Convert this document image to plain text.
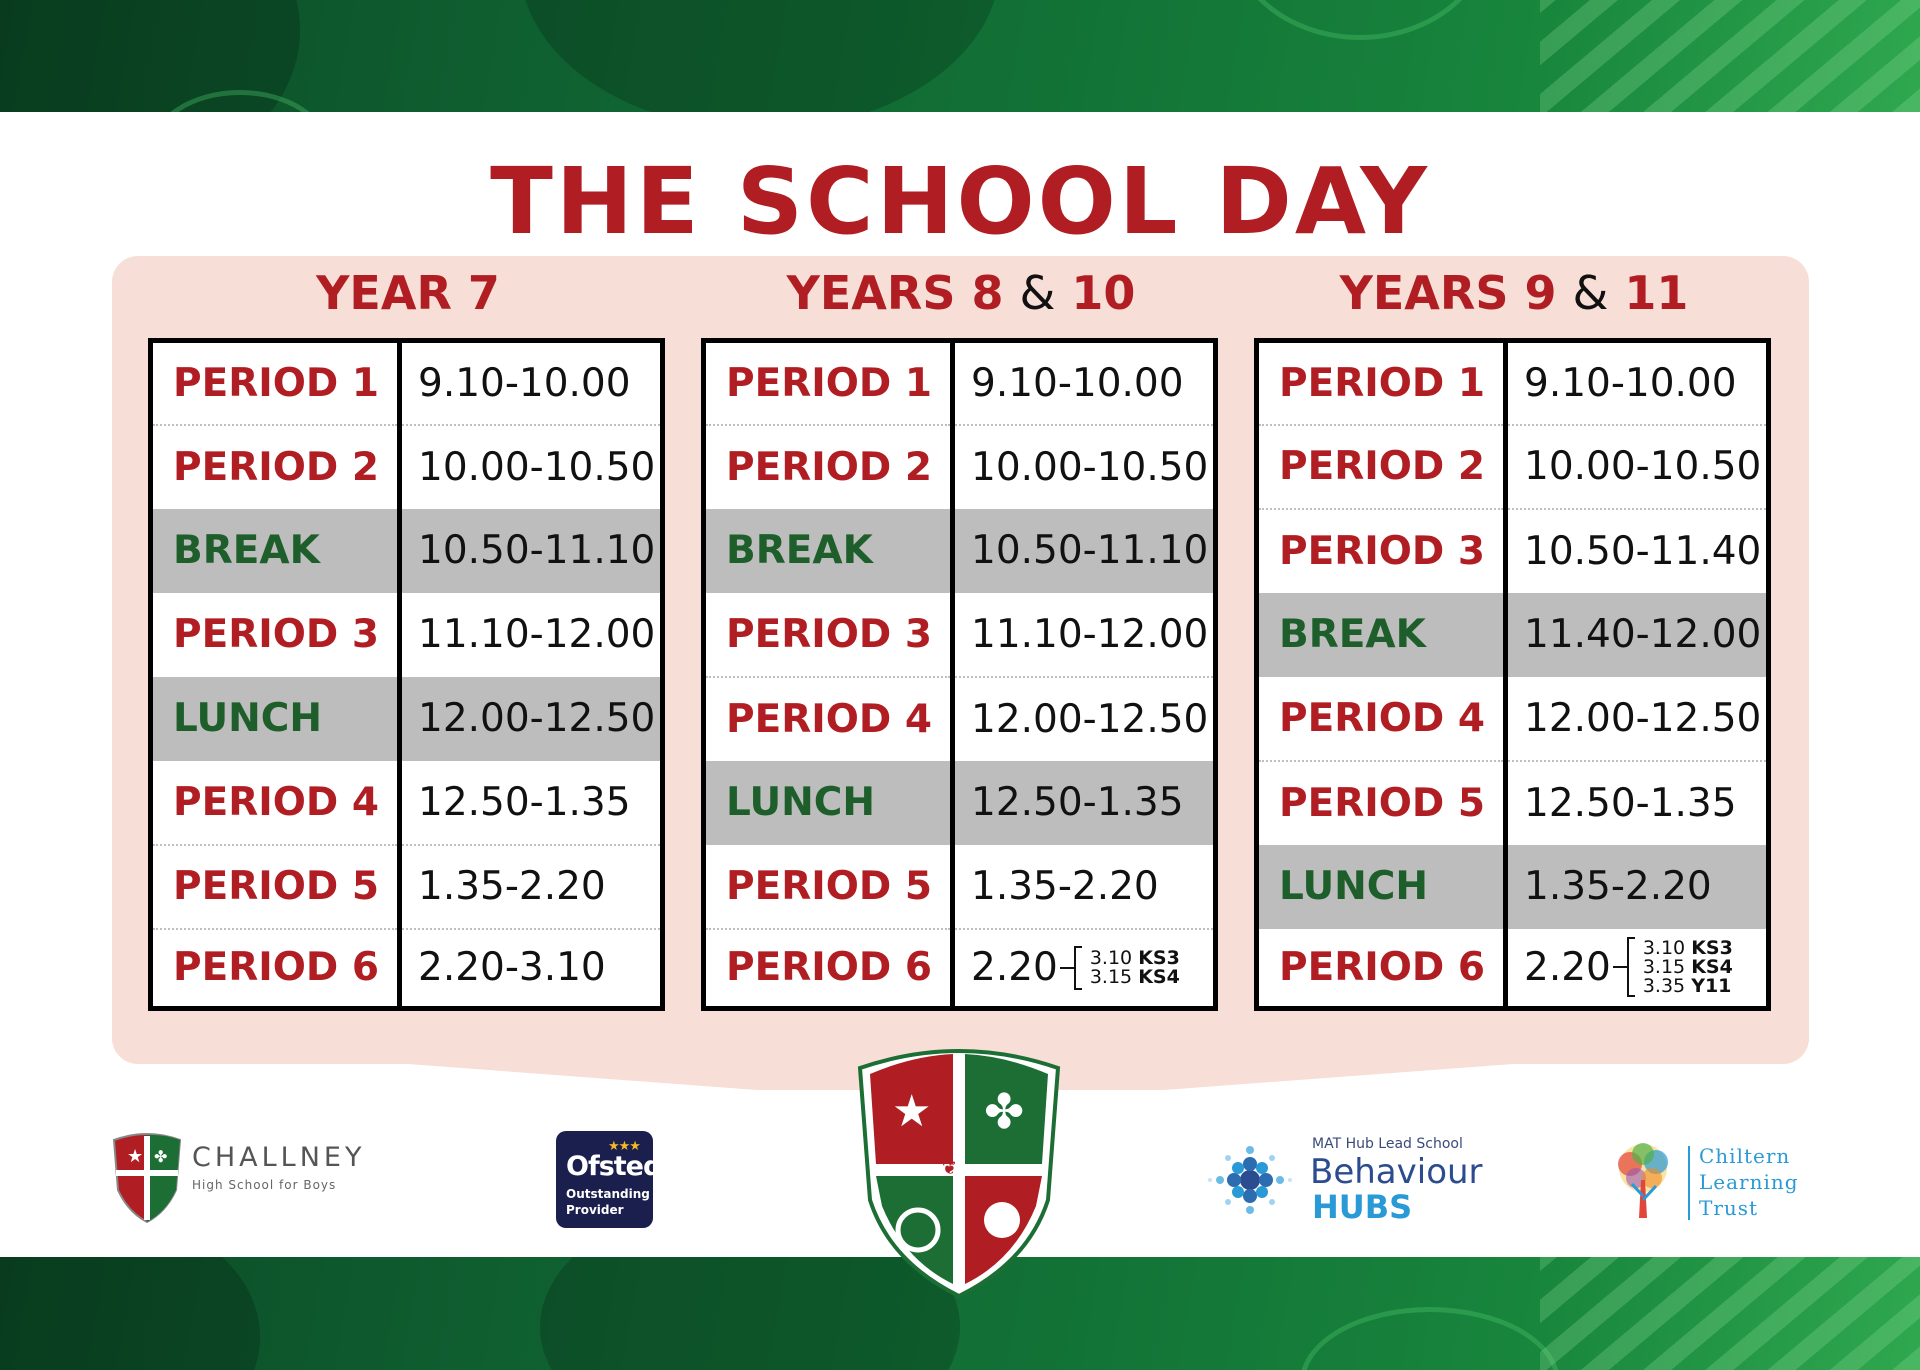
THE SCHOOL DAY
YEAR 7	YEARS 8 & 10	YEARS 9 & 11
PERIOD 1	9.10-10.00
PERIOD 2	10.00-10.50
BREAK	10.50-11.10
PERIOD 3	11.10-12.00
LUNCH	12.00-12.50
PERIOD 4	12.50-1.35
PERIOD 5	1.35-2.20
PERIOD 6	2.20-3.10
PERIOD 1	9.10-10.00
PERIOD 2	10.00-10.50
BREAK	10.50-11.10
PERIOD 3	11.10-12.00
PERIOD 4	12.00-12.50
LUNCH	12.50-1.35
PERIOD 5	1.35-2.20
PERIOD 6	2.20 3.10 KS3
3.15 KS4
PERIOD 1	9.10-10.00
PERIOD 2	10.00-10.50
PERIOD 3	10.50-11.40
BREAK	11.40-12.00
PERIOD 4	12.00-12.50
PERIOD 5	12.50-1.35
LUNCH	1.35-2.20
PERIOD 6	2.20 3.10 KS3
3.15 KS4
3.35 Y11
★ ✤ CHALLNEY
High School for Boys
★★★
Ofsted
Outstanding
Provider
★ ✤
❦
MAT Hub Lead School
Behaviour
HUBS
Chiltern
Learning
Trust
